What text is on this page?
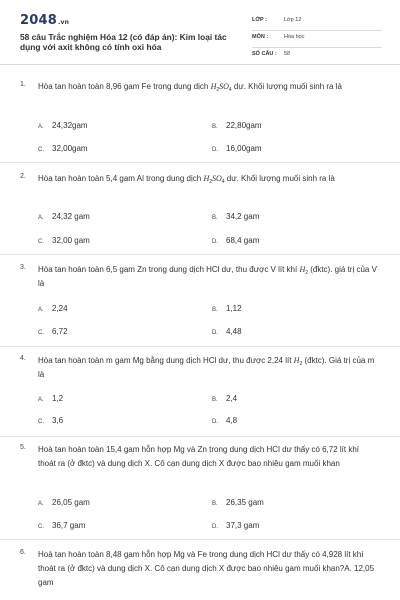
2048.vn
58 câu Trắc nghiệm Hóa 12 (có đáp án): Kim loại tác dụng với axit không có tính oxi hóa
LỚP :	Lớp 12
MÔN :	Hóa học
SỐ CÂU : 58
1. Hòa tan hoàn toàn 8,96 gam Fe trong dung dịch $H_2SO_4$ dư. Khối lượng muối sinh ra là

A. 24,32gam	B. 22,80gam
C. 32,00gam	D. 16,00gam
2. Hòa tan hoàn toàn 5,4 gam Al trong dung dịch $H_2SO_4$ dư. Khối lượng muối sinh ra là

A. 24,32 gam	B. 34,2 gam
C. 32,00 gam	D. 68,4 gam
3. Hòa tan hoàn toàn 6,5 gam Zn trong dung dịch HCl dư, thu được V lít khí $H_2$ (đktc). giá trị của V là

A. 2,24	B. 1,12
C. 6,72	D. 4,48
4. Hòa tan hoàn toàn m gam Mg bằng dung dịch HCl dư, thu được 2,24 lít $H_2$ (đktc). Giá trị của m là

A. 1,2	B. 2,4
C. 3,6	D. 4,8
5. Hoà tan hoàn toàn 15,4 gam hỗn hợp Mg và Zn trong dung dịch HCl dư thấy có 6,72 lít khí thoát ra (ở đktc) và dung dịch X. Cô cạn dung dịch X được bao nhiêu gam muối khan

A. 26,05 gam	B. 26,35 gam
C. 36,7 gam	D. 37,3 gam
6. Hoà tan hoàn toàn 8,48 gam hỗn hợp Mg và Fe trong dung dịch HCl dư thấy có 4,928 lít khí thoát ra (ở đktc) và dung dịch X. Cô cạn dung dịch X được bao nhiêu gam muối khan?A. 12,05 gam
